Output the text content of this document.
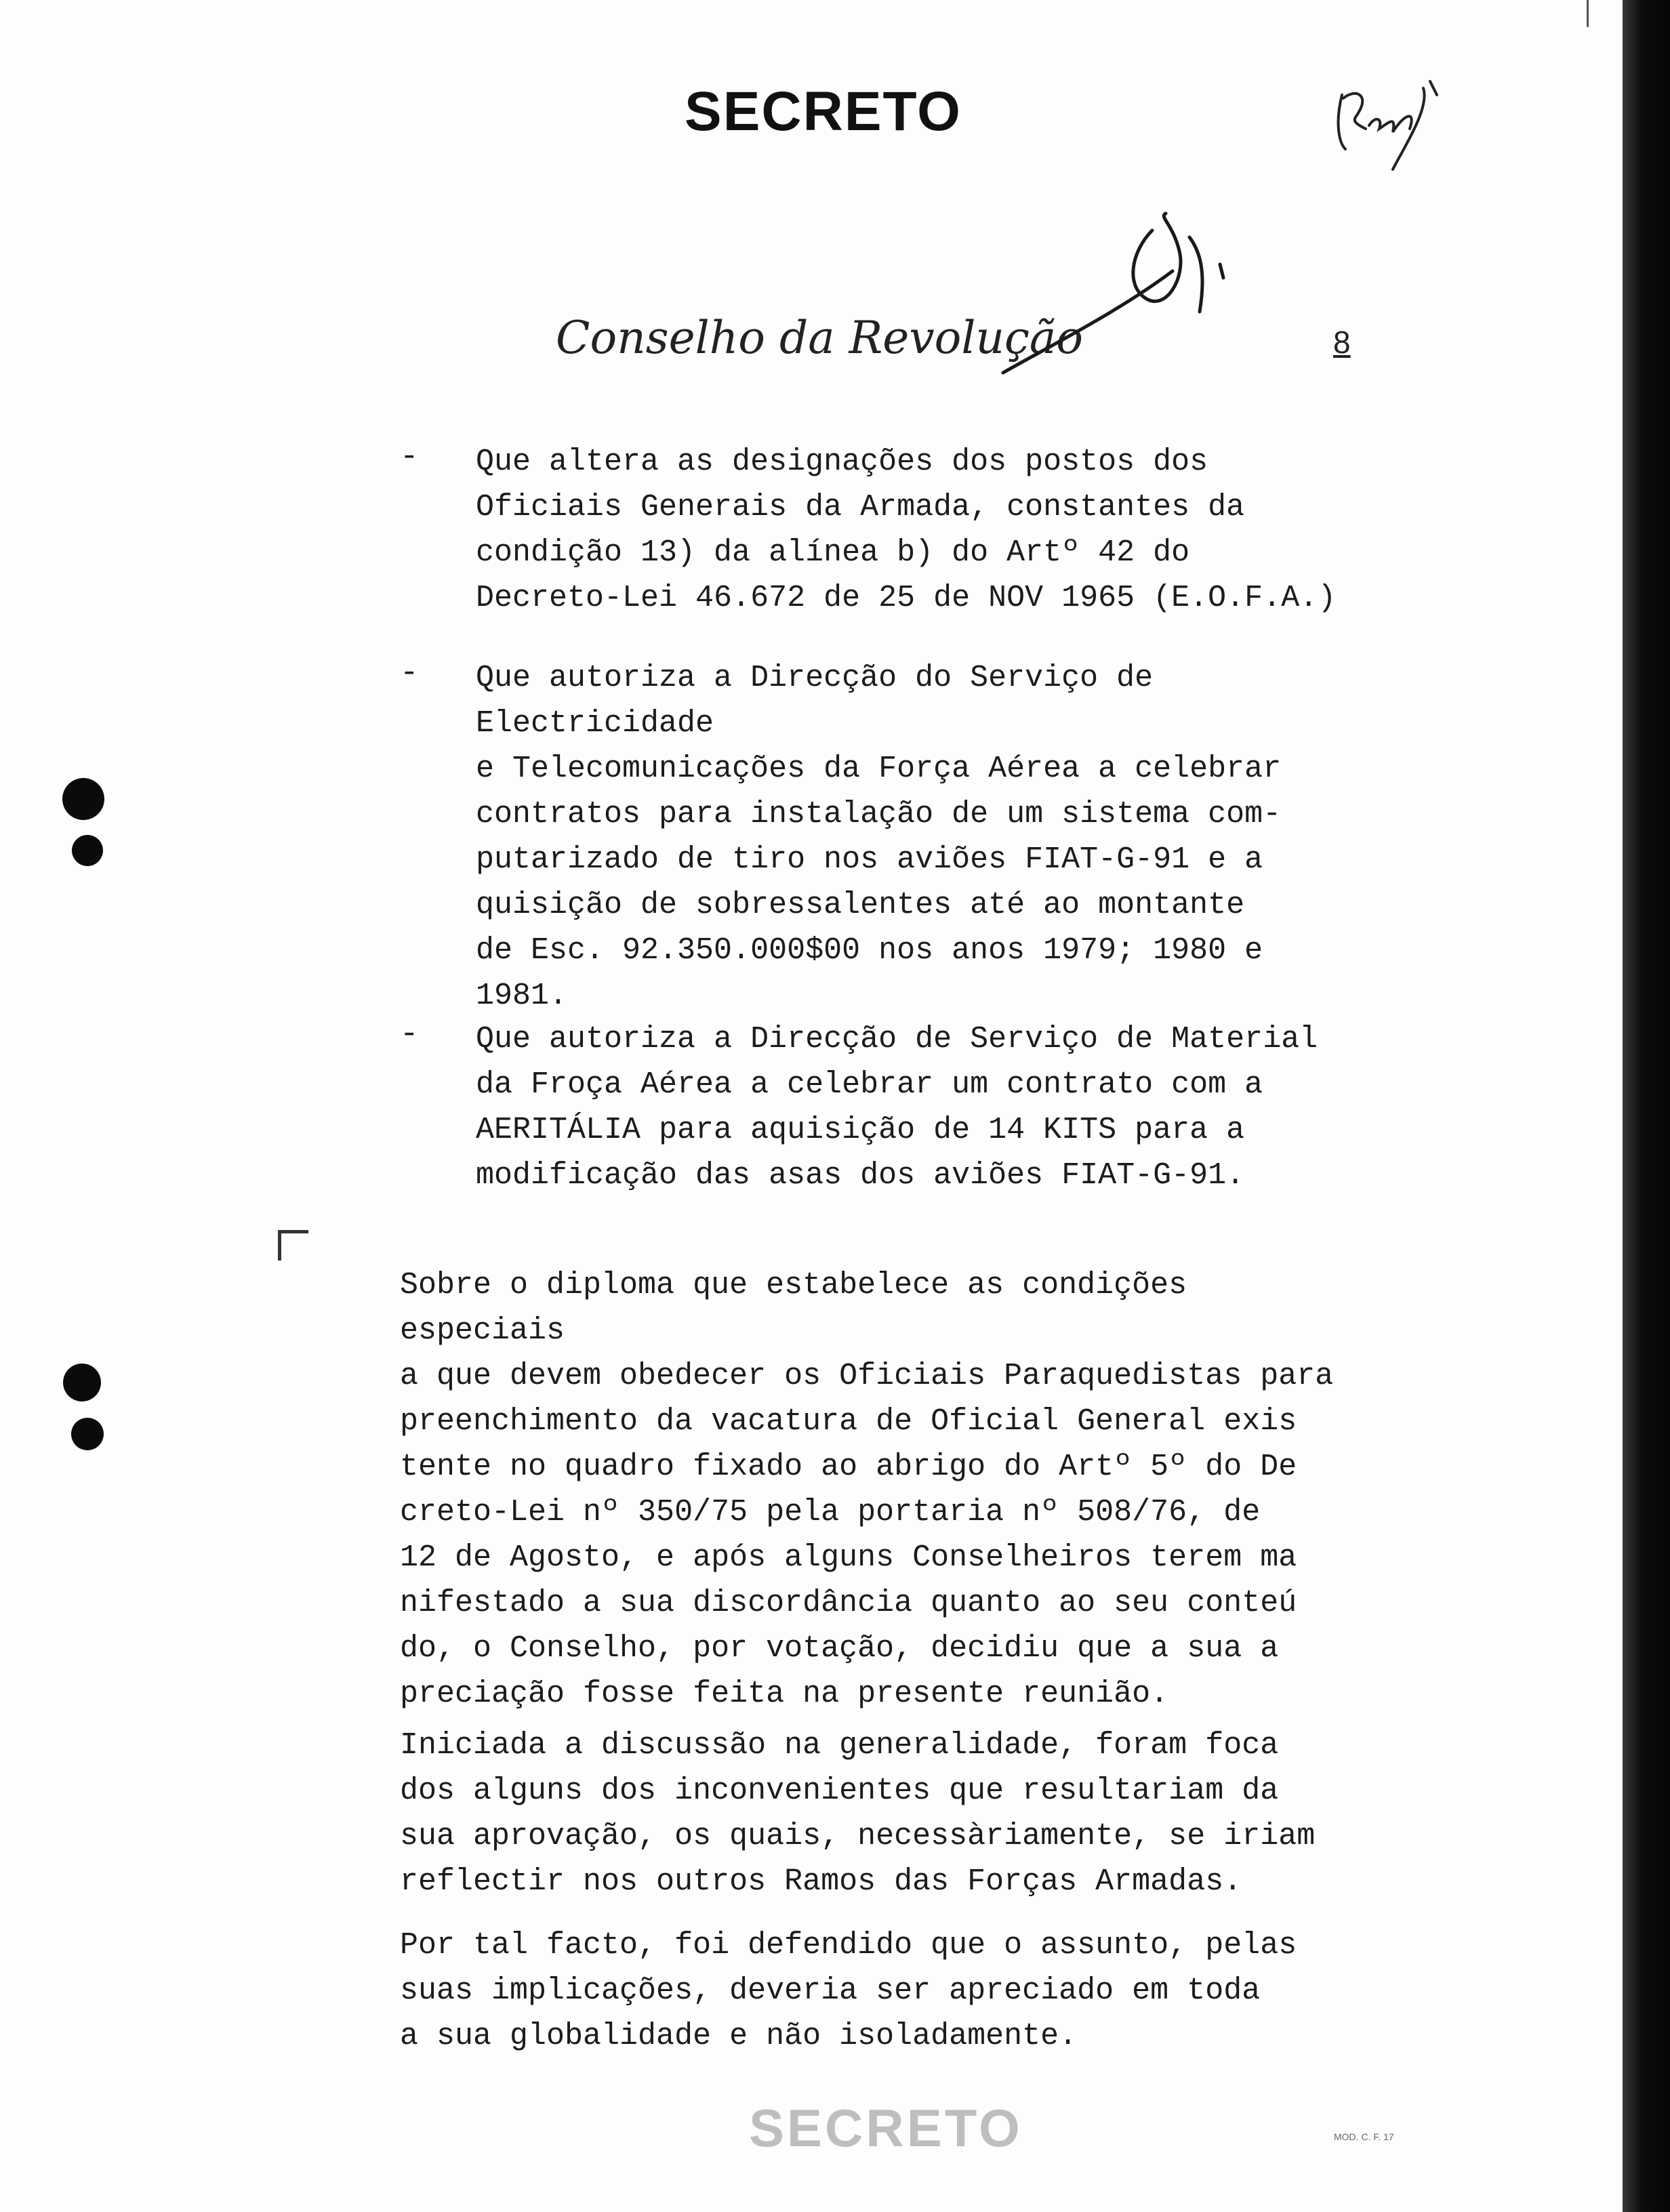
SECRETO
Conselho da Revolução	8
- Que altera as designações dos postos dos
Oficiais Generais da Armada, constantes da
condição 13) da alínea b) do Artº 42 do
Decreto-Lei 46.672 de 25 de NOV 1965 (E.O.F.A.)
- Que autoriza a Direcção do Serviço de Electricidade
e Telecomunicações da Força Aérea a celebrar
contratos para instalação de um sistema com-
putarizado de tiro nos aviões FIAT-G-91 e a
quisição de sobressalentes até ao montante
de Esc. 92.350.000$00 nos anos 1979; 1980 e
1981.
- Que autoriza a Direcção de Serviço de Material
da Froça Aérea a celebrar um contrato com a
AERITÁLIA para aquisição de 14 KITS para a
modificação das asas dos aviões FIAT-G-91.
Sobre o diploma que estabelece as condições especiais
a que devem obedecer os Oficiais Paraquedistas para
preenchimento da vacatura de Oficial General exis
tente no quadro fixado ao abrigo do Artº 5º do De
creto-Lei nº 350/75 pela portaria nº 508/76, de
12 de Agosto, e após alguns Conselheiros terem ma
nifestado a sua discordância quanto ao seu conteú
do, o Conselho, por votação, decidiu que a sua a
preciação fosse feita na presente reunião.
Iniciada a discussão na generalidade, foram foca
dos alguns dos inconvenientes que resultariam da
sua aprovação, os quais, necessàriamente, se iriam
reflectir nos outros Ramos das Forças Armadas.
Por tal facto, foi defendido que o assunto, pelas
suas implicações, deveria ser apreciado em toda
a sua globalidade e não isoladamente.
MOD. C. F. 17
SECRETO
